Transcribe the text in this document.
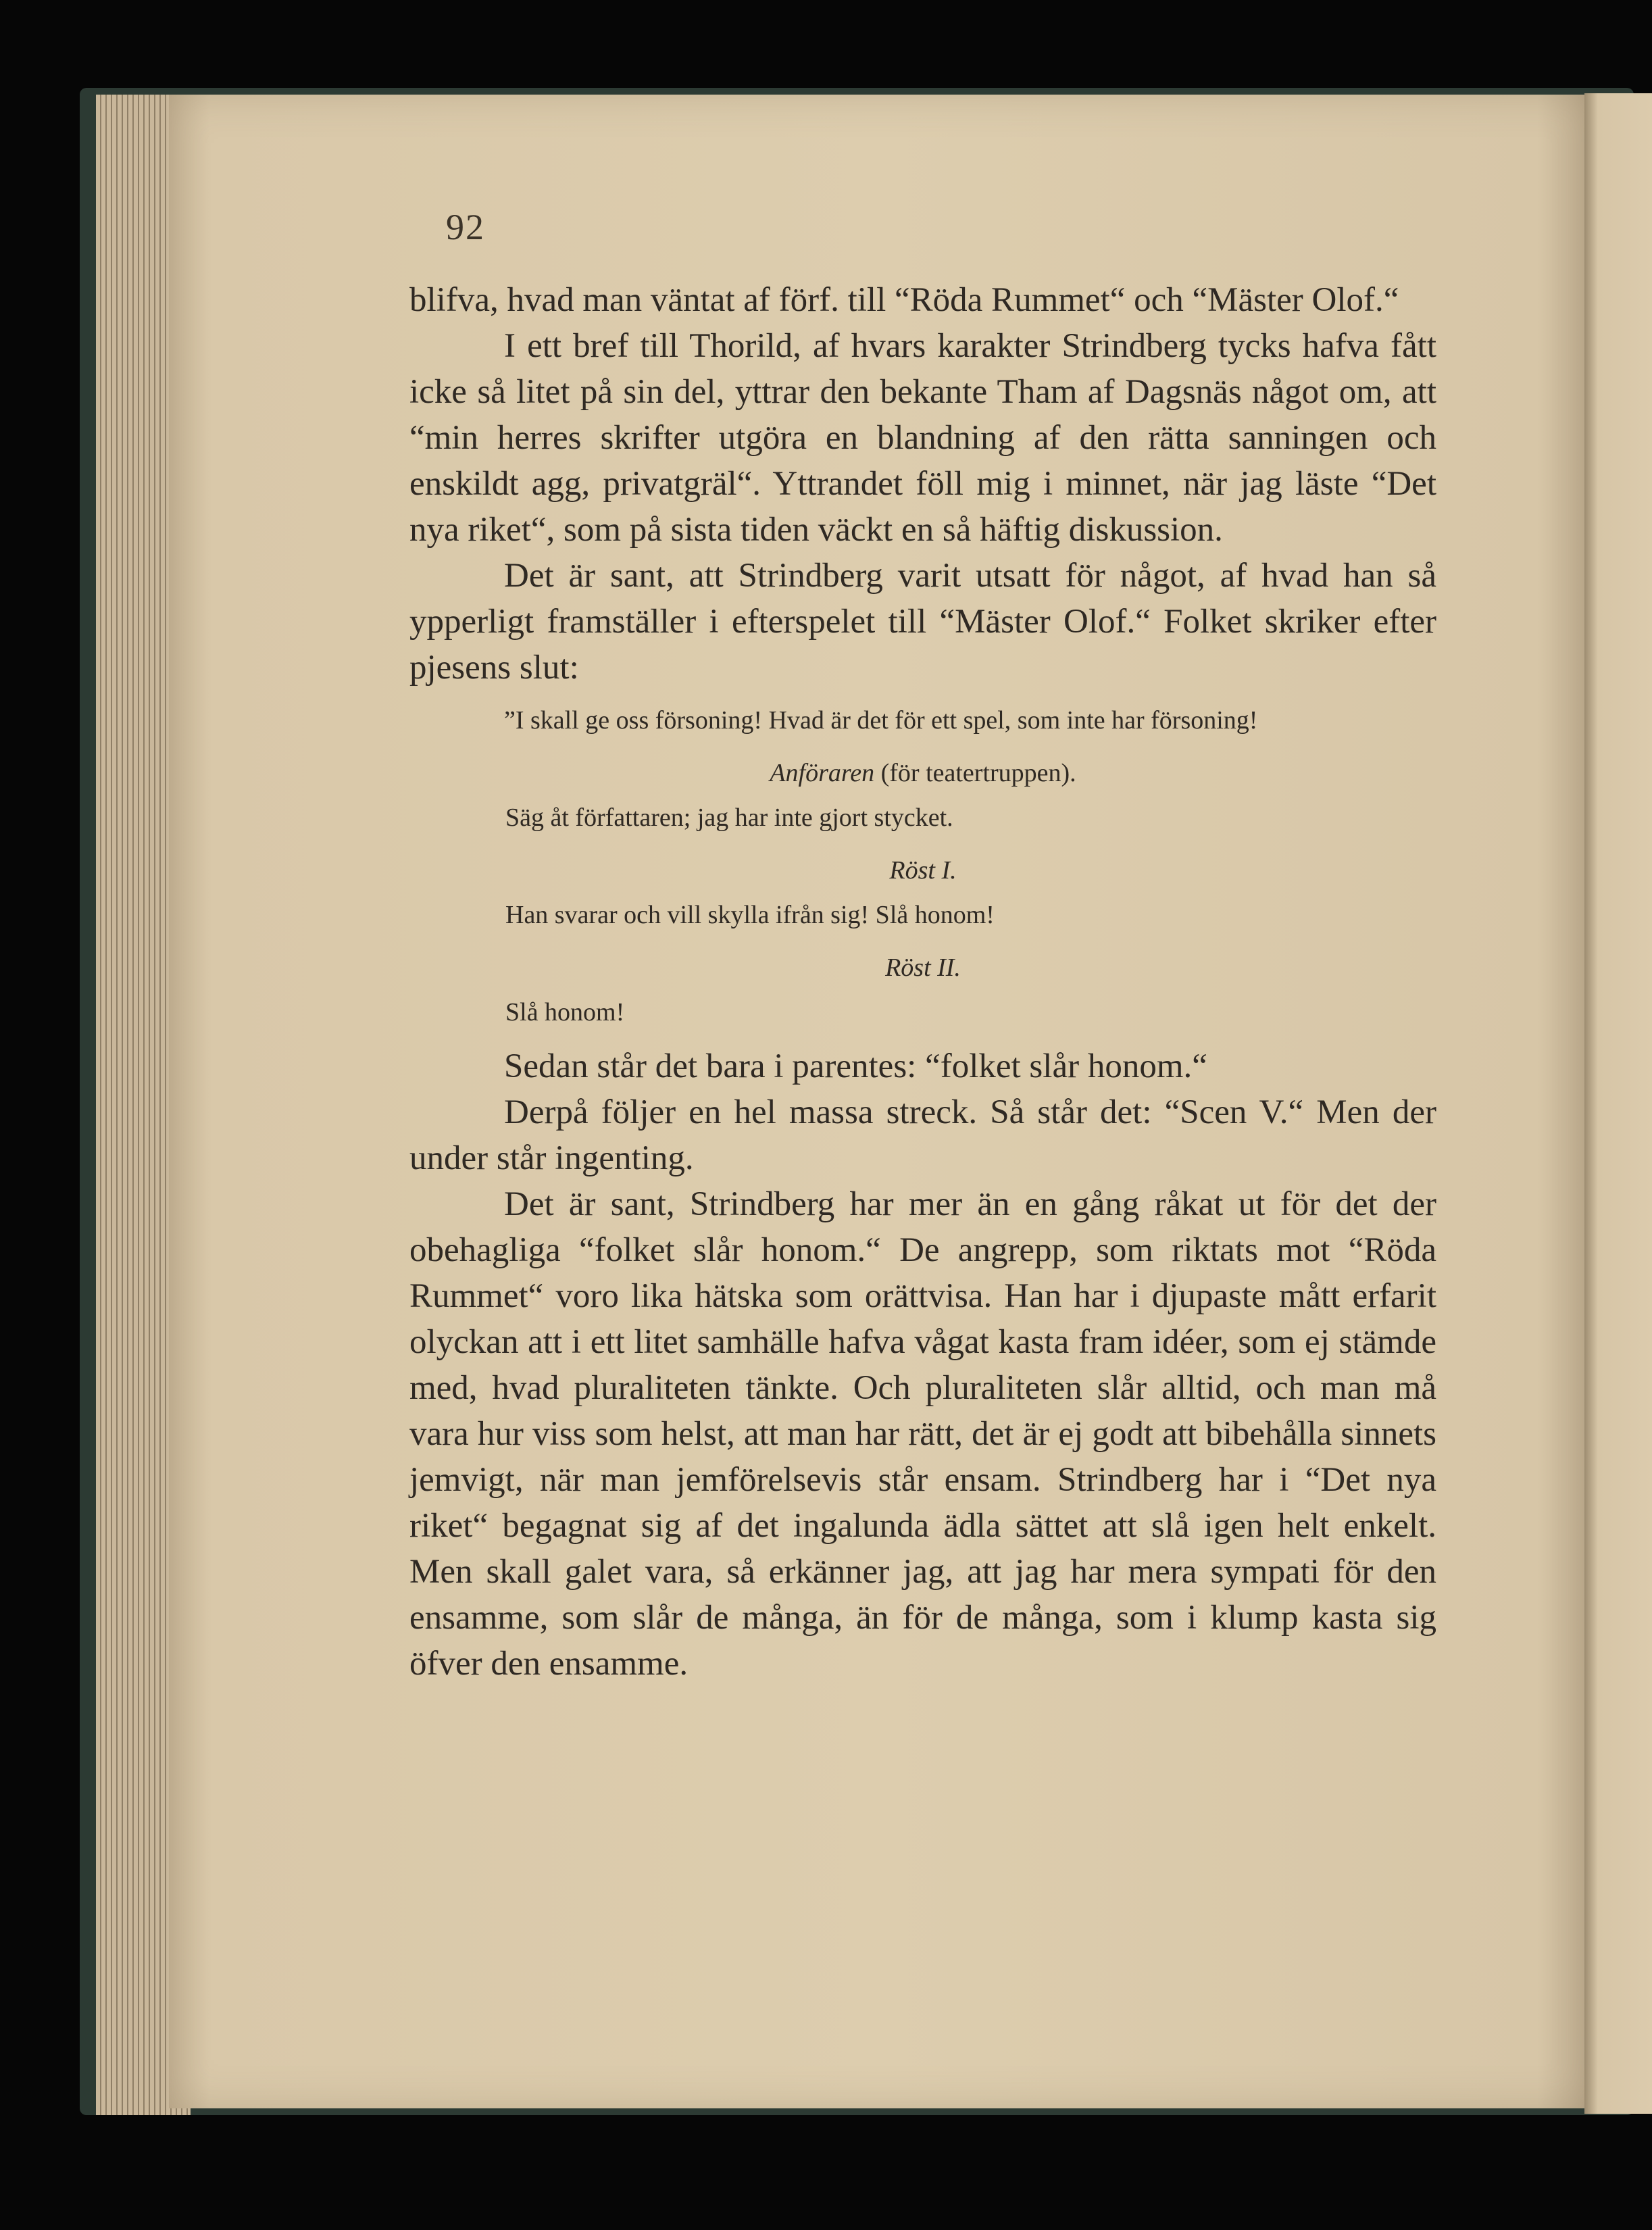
92

blifva, hvad man väntat af förf. till “Röda Rummet“ och “Mäster Olof.“

I ett bref till Thorild, af hvars karakter Strindberg tycks hafva fått icke så litet på sin del, yttrar den bekante Tham af Dagsnäs något om, att “min herres skrifter utgöra en blandning af den rätta sanningen och enskildt agg, privatgräl“. Yttrandet föll mig i minnet, när jag läste “Det nya riket“, som på sista tiden väckt en så häftig diskussion.

Det är sant, att Strindberg varit utsatt för något, af hvad han så ypperligt framställer i efterspelet till “Mäster Olof.“ Folket skriker efter pjesens slut:

”I skall ge oss försoning! Hvad är det för ett spel, som inte har försoning!

Anföraren (för teatertruppen).

Säg åt författaren; jag har inte gjort stycket.

Röst I.

Han svarar och vill skylla ifrån sig! Slå honom!

Röst II.

Slå honom!

Sedan står det bara i parentes: “folket slår honom.“

Derpå följer en hel massa streck. Så står det: “Scen V.“ Men der under står ingenting.

Det är sant, Strindberg har mer än en gång råkat ut för det der obehagliga “folket slår honom.“ De angrepp, som riktats mot “Röda Rummet“ voro lika hätska som orättvisa. Han har i djupaste mått erfarit olyckan att i ett litet samhälle hafva vågat kasta fram idéer, som ej stämde med, hvad pluraliteten tänkte. Och pluraliteten slår alltid, och man må vara hur viss som helst, att man har rätt, det är ej godt att bibehålla sinnets jemvigt, när man jemförelsevis står ensam. Strindberg har i “Det nya riket“ begagnat sig af det ingalunda ädla sättet att slå igen helt enkelt. Men skall galet vara, så erkänner jag, att jag har mera sympati för den ensamme, som slår de många, än för de många, som i klump kasta sig öfver den ensamme.
